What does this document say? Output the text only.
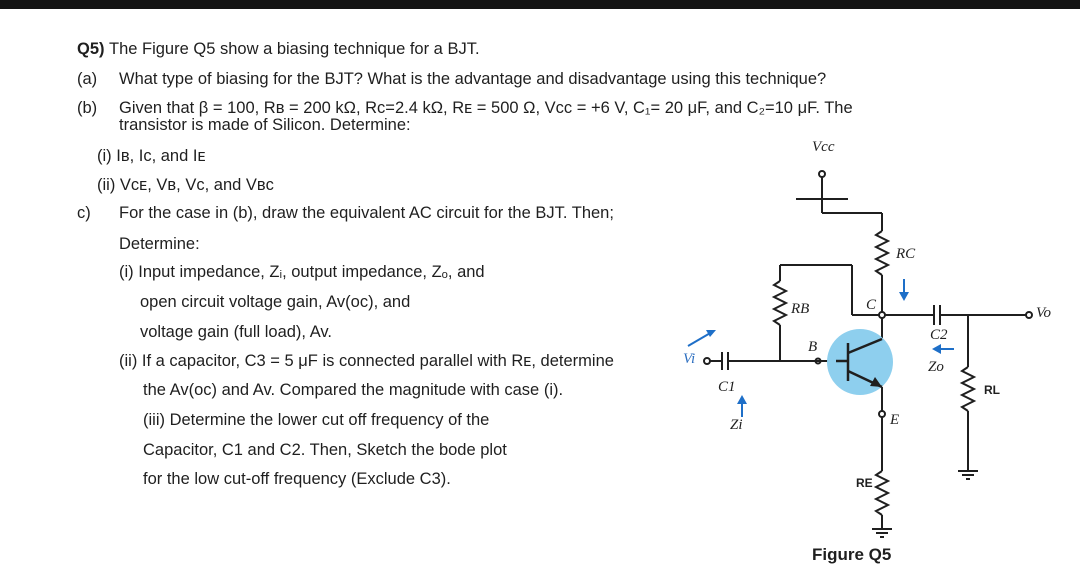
Q5) The Figure Q5 show a biasing technique for a BJT.
(a) What type of biasing for the BJT? What is the advantage and disadvantage using this technique?
(b) Given that β = 100, Rʙ = 200 kΩ, Rᴄ=2.4 kΩ, Rᴇ = 500 Ω, Vcc = +6 V, C₁= 20 μF, and C₂=10 μF. The
transistor is made of Silicon. Determine:
(i) Iʙ, Iᴄ, and Iᴇ
(ii) Vᴄᴇ, Vʙ, Vᴄ, and Vʙᴄ
c) For the case in (b), draw the equivalent AC circuit for the BJT. Then;
Determine:
(i) Input impedance, Zᵢ, output impedance, Zₒ, and
open circuit voltage gain, Av(oc), and
voltage gain (full load), Av.
(ii) If a capacitor, C3 = 5 μF is connected parallel with Rᴇ, determine
the Av(oc) and Av. Compared the magnitude with case (i).
(iii) Determine the lower cut off frequency of the
Capacitor, C1 and C2. Then, Sketch the bode plot
for the low cut-off frequency (Exclude C3).
Vcc
RC
RB	C
B
E
RE
RL
C1
C2
Zo
Zi
Vi
Vo
Figure Q5
